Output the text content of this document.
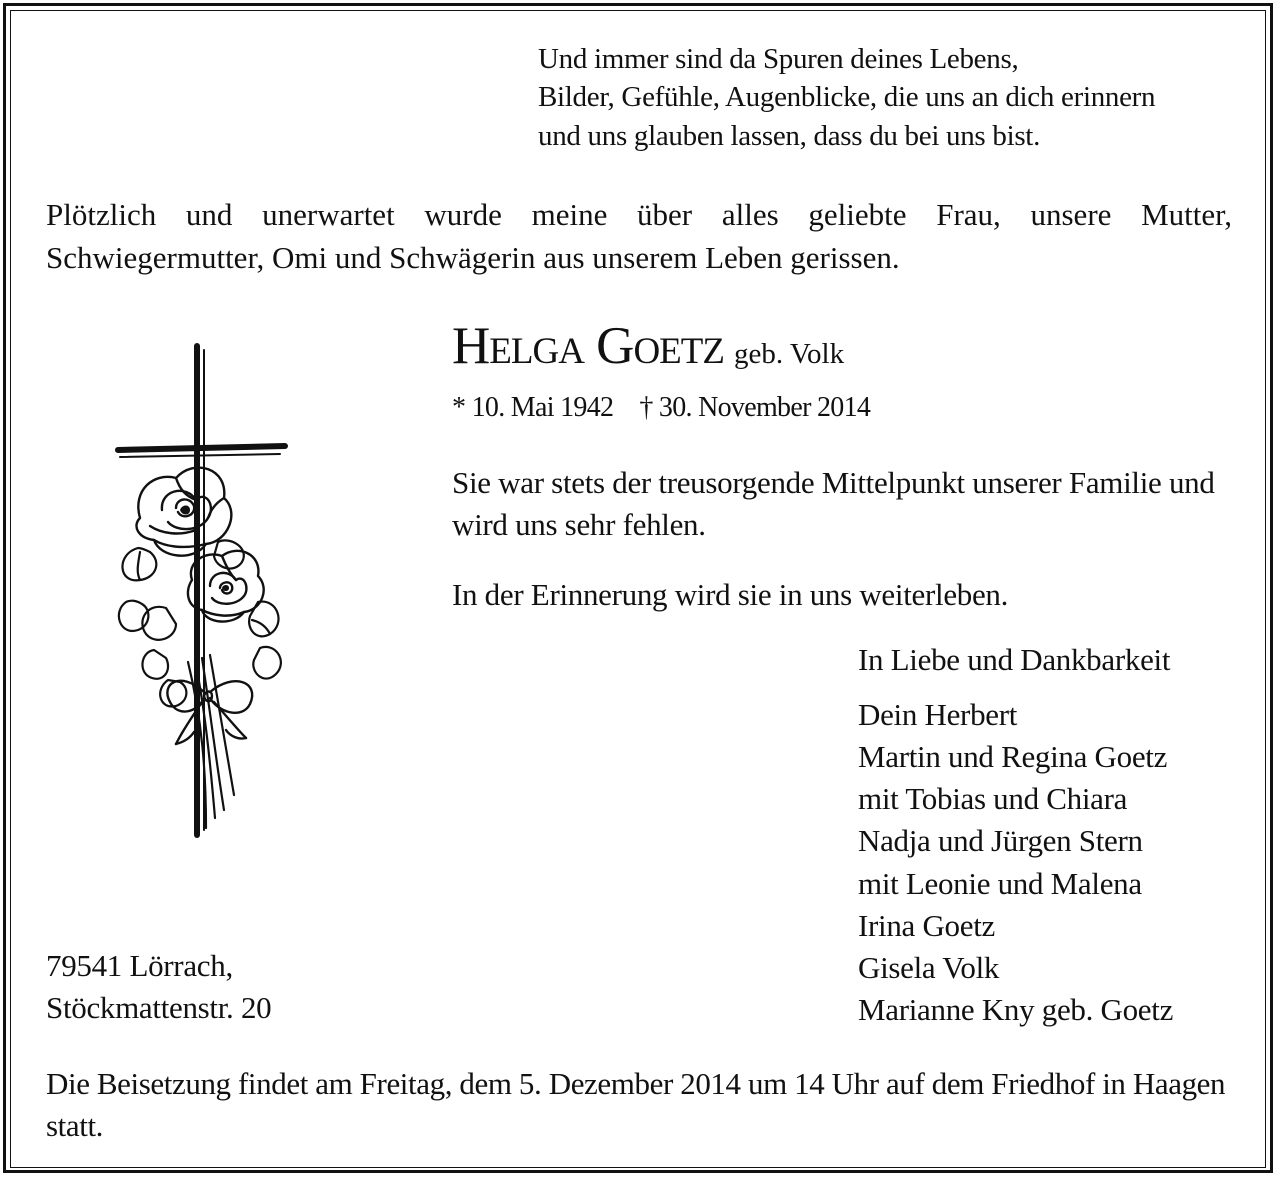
Und immer sind da Spuren deines Lebens,
Bilder, Gefühle, Augenblicke, die uns an dich erinnern
und uns glauben lassen, dass du bei uns bist.

Plötzlich und unerwartet wurde meine über alles geliebte Frau, unsere Mutter, Schwiegermutter, Omi und Schwägerin aus unserem Leben gerissen.

Helga Goetz geb. Volk
* 10. Mai 1942 † 30. November 2014

Sie war stets der treusorgende Mittelpunkt unserer Familie und wird uns sehr fehlen.

In der Erinnerung wird sie in uns weiterleben.

In Liebe und Dankbarkeit
Dein Herbert
Martin und Regina Goetz
mit Tobias und Chiara
Nadja und Jürgen Stern
mit Leonie und Malena
Irina Goetz
Gisela Volk
Marianne Kny geb. Goetz
79541 Lörrach,
Stöckmattenstr. 20

Die Beisetzung findet am Freitag, dem 5. Dezember 2014 um 14 Uhr auf dem Friedhof in Haagen statt.
